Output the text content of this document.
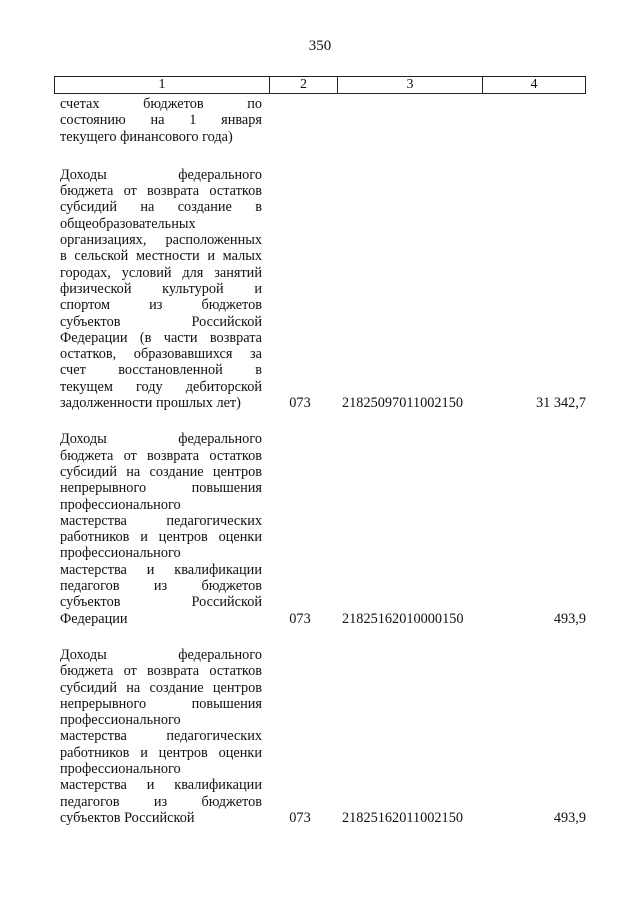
350
1	2	3	4
счетах бюджетов по
состоянию на 1 января
текущего финансового года)
Доходы федерального
бюджета от возврата остатков
субсидий на создание в
общеобразовательных
организациях, расположенных
в сельской местности и малых
городах, условий для занятий
физической культурой и
спортом из бюджетов
субъектов Российской
Федерации (в части возврата
остатков, образовавшихся за
счет восстановленной в
текущем году дебиторской
задолженности прошлых лет)	073	21825097011002150	31 342,7
Доходы федерального
бюджета от возврата остатков
субсидий на создание центров
непрерывного повышения
профессионального
мастерства педагогических
работников и центров оценки
профессионального
мастерства и квалификации
педагогов из бюджетов
субъектов Российской
Федерации	073	21825162010000150	493,9
Доходы федерального
бюджета от возврата остатков
субсидий на создание центров
непрерывного повышения
профессионального
мастерства педагогических
работников и центров оценки
профессионального
мастерства и квалификации
педагогов из бюджетов
субъектов Российской	073	21825162011002150	493,9
